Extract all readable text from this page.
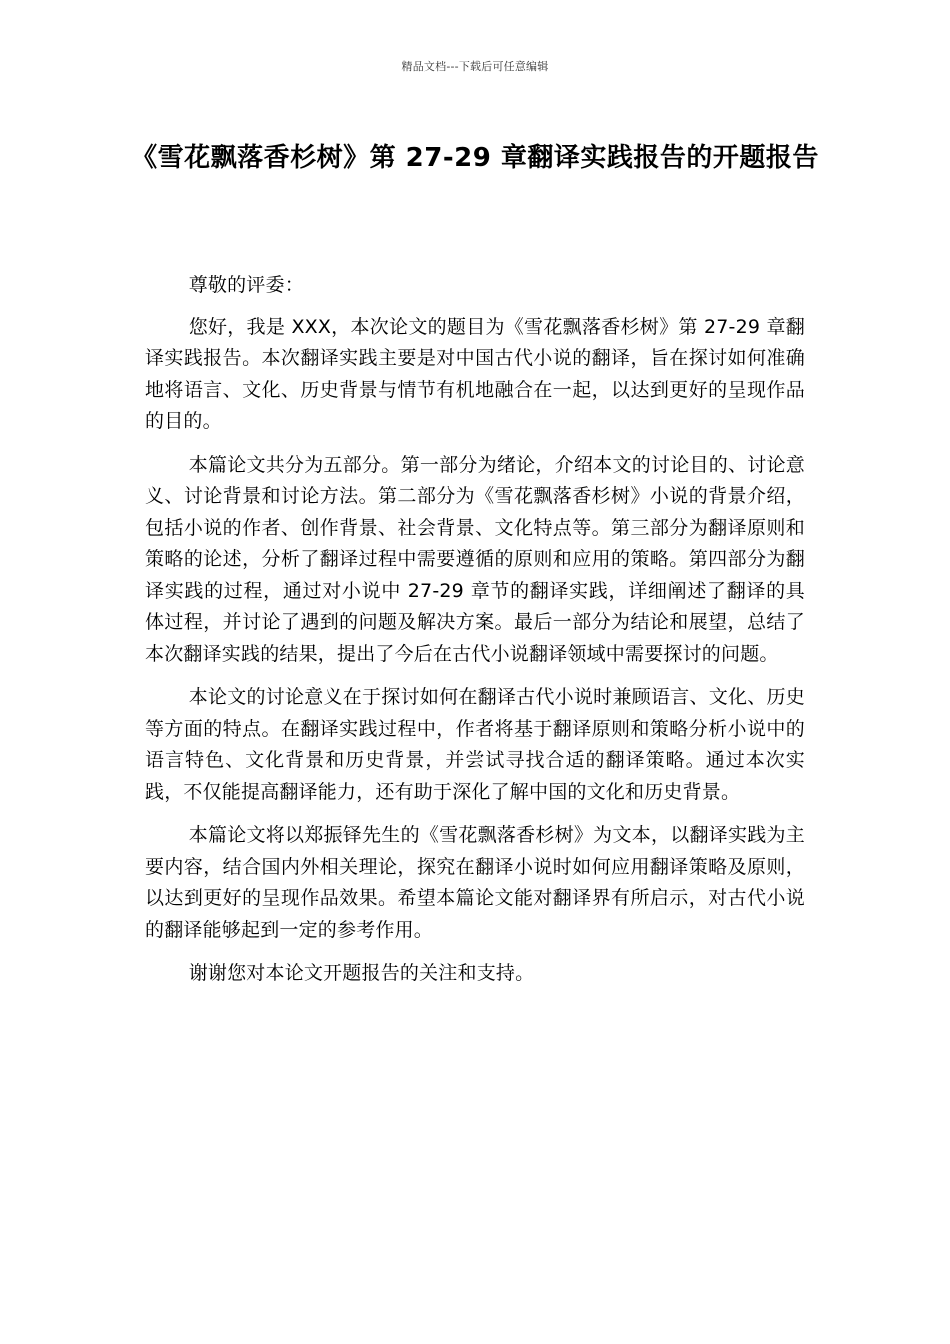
精品文档---下载后可任意编辑
《雪花飘落香杉树》第 27-29 章翻译实践报告的开题报告

尊敬的评委：

您好，我是 XXX，本次论文的题目为《雪花飘落香杉树》第 27-29 章翻译实践报告。本次翻译实践主要是对中国古代小说的翻译，旨在探讨如何准确地将语言、文化、历史背景与情节有机地融合在一起，以达到更好的呈现作品的目的。

本篇论文共分为五部分。第一部分为绪论，介绍本文的讨论目的、讨论意义、讨论背景和讨论方法。第二部分为《雪花飘落香杉树》小说的背景介绍，包括小说的作者、创作背景、社会背景、文化特点等。第三部分为翻译原则和策略的论述，分析了翻译过程中需要遵循的原则和应用的策略。第四部分为翻译实践的过程，通过对小说中 27-29 章节的翻译实践，详细阐述了翻译的具体过程，并讨论了遇到的问题及解决方案。最后一部分为结论和展望，总结了本次翻译实践的结果，提出了今后在古代小说翻译领域中需要探讨的问题。

本论文的讨论意义在于探讨如何在翻译古代小说时兼顾语言、文化、历史等方面的特点。在翻译实践过程中，作者将基于翻译原则和策略分析小说中的语言特色、文化背景和历史背景，并尝试寻找合适的翻译策略。通过本次实践，不仅能提高翻译能力，还有助于深化了解中国的文化和历史背景。

本篇论文将以郑振铎先生的《雪花飘落香杉树》为文本，以翻译实践为主要内容，结合国内外相关理论，探究在翻译小说时如何应用翻译策略及原则，以达到更好的呈现作品效果。希望本篇论文能对翻译界有所启示，对古代小说的翻译能够起到一定的参考作用。

谢谢您对本论文开题报告的关注和支持。
